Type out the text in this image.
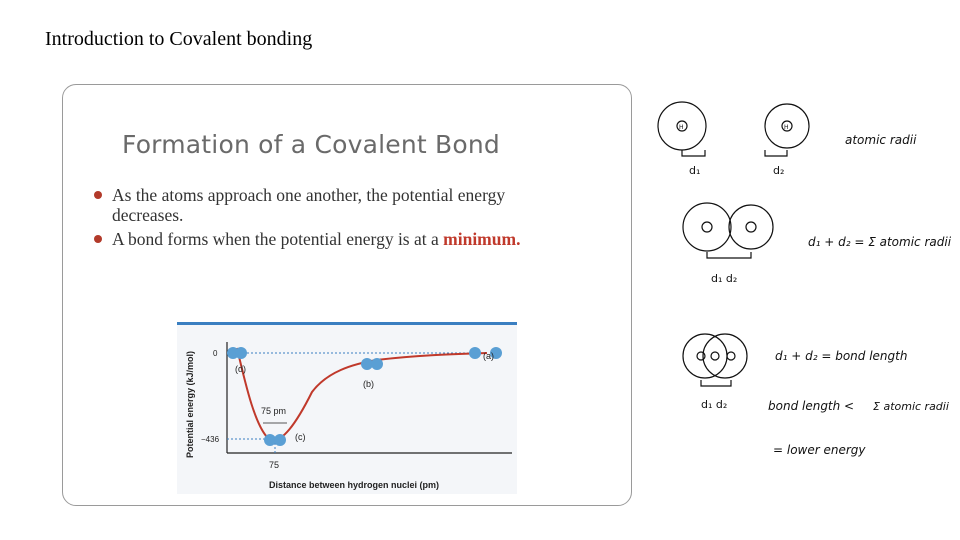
Introduction to Covalent bonding
Formation of a Covalent Bond
As the atoms approach one another, the potential energy decreases.
A bond forms when the potential energy is at a minimum.
75 pm
(a)
(b)
(c)
(d)
0
−436
75
Distance between hydrogen nuclei (pm)
Potential energy (kJ/mol)
H	H
d₁	d₂
atomic radii
d₁ d₂
d₁ + d₂ = Σ atomic radii
d₁ d₂
d₁ + d₂ = bond length
bond length < Σ atomic radii
= lower energy
